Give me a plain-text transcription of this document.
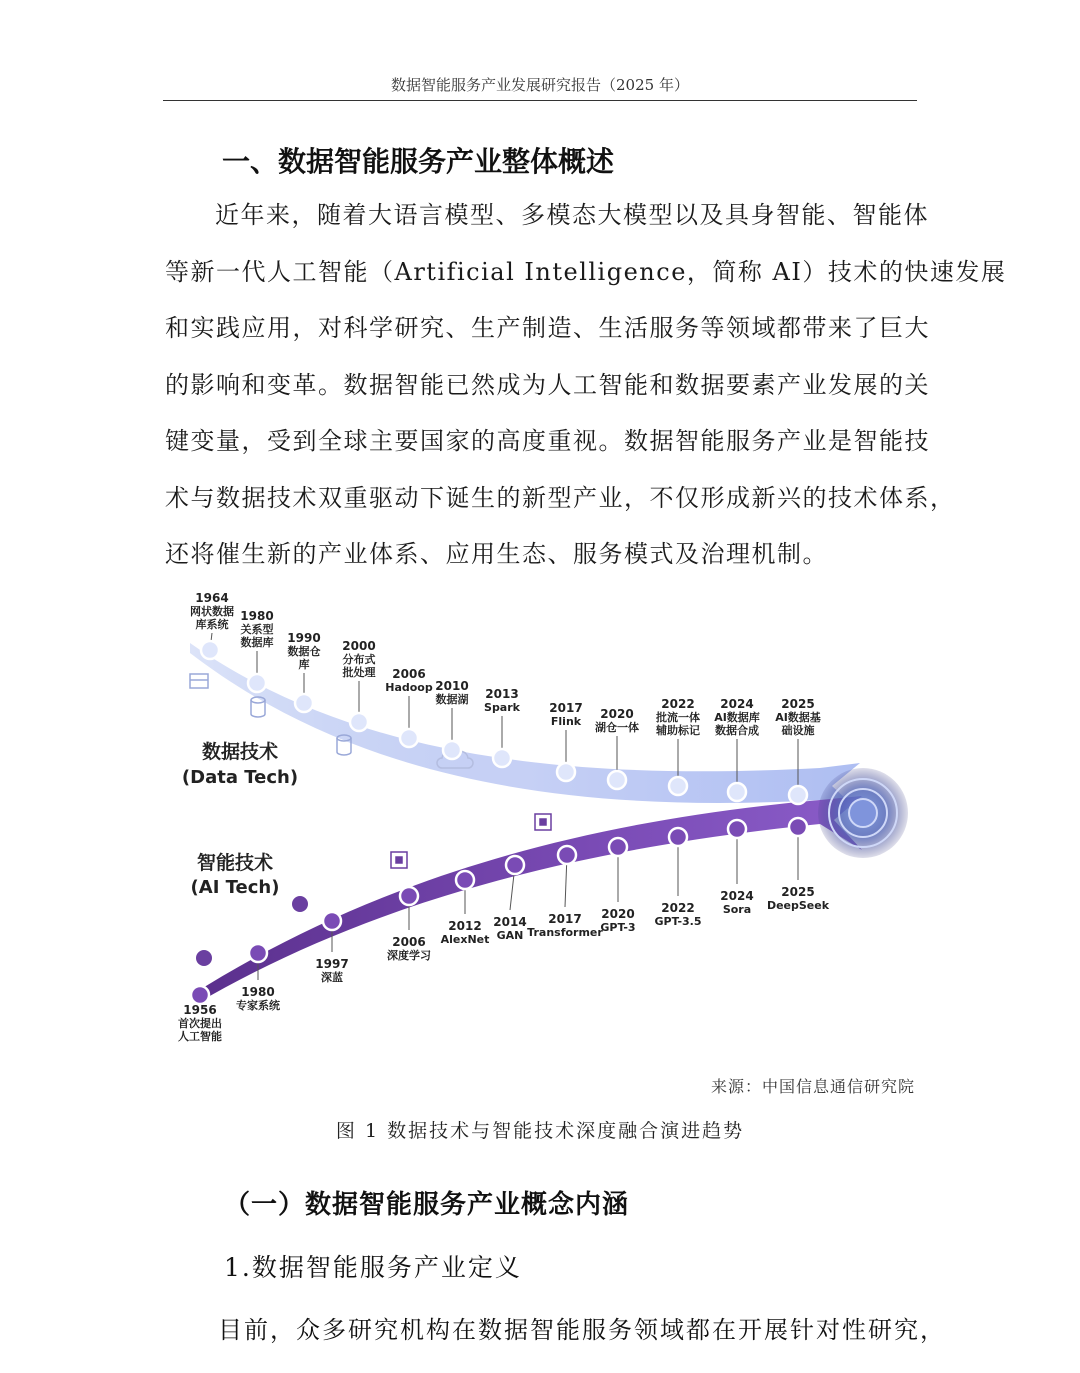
数据智能服务产业发展研究报告（2025 年）
一、数据智能服务产业整体概述
近年来，随着大语言模型、多模态大模型以及具身智能、智能体
等新一代人工智能（Artificial Intelligence，简称 AI）技术的快速发展
和实践应用，对科学研究、生产制造、生活服务等领域都带来了巨大
的影响和变革。数据智能已然成为人工智能和数据要素产业发展的关
键变量，受到全球主要国家的高度重视。数据智能服务产业是智能技
术与数据技术双重驱动下诞生的新型产业，不仅形成新兴的技术体系，
还将催生新的产业体系、应用生态、服务模式及治理机制。
1964
网状数据
库系统
1980
关系型
数据库 1990
数据仓
库
2000
分布式
批处理 2006
Hadoop 2010
数据湖 2013
Spark 2017
Flink
2020
湖仓一体
2022
批流一体
辅助标记
2024
AI数据库
数据合成
2025
AI数据基
础设施
1956
首次提出
人工智能
1980
专家系统
1997
深蓝
2006
深度学习
2012
AlexNet
2014
GAN
2017
Transformer
2020
GPT-3
2022
GPT-3.5
2024
Sora
2025
DeepSeek
数据技术
(Data Tech)
智能技术
(AI Tech)
来源：中国信息通信研究院
图 1 数据技术与智能技术深度融合演进趋势
（一）数据智能服务产业概念内涵
1.数据智能服务产业定义
目前，众多研究机构在数据智能服务领域都在开展针对性研究，
